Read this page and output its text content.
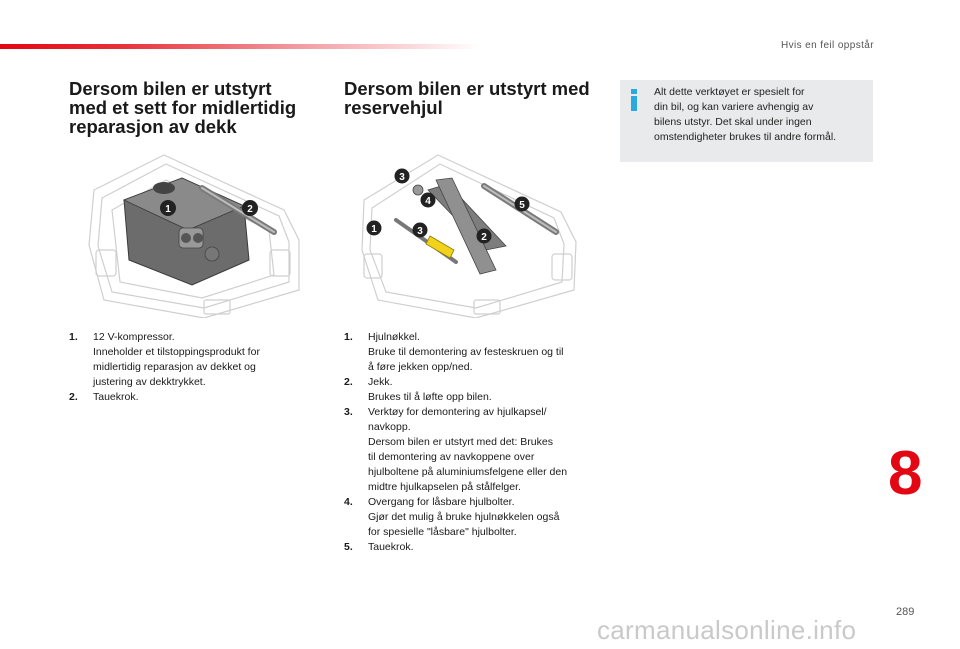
Hvis en feil oppstår
Dersom bilen er utstyrt
med et sett for midlertidig
reparasjon av dekk
Dersom bilen er utstyrt med
reservehjul
Alt dette verktøyet er spesielt for
din bil, og kan variere avhengig av
bilens utstyr. Det skal under ingen
omstendigheter brukes til andre formål.
1	2
3
4
1	3
2
5
1. 12 V-kompressor.
Inneholder et tilstoppingsprodukt for
midlertidig reparasjon av dekket og
justering av dekktrykket.
2. Tauekrok.
1. Hjulnøkkel.
Bruke til demontering av festeskruen og til
å føre jekken opp/ned.
2. Jekk.
Brukes til å løfte opp bilen.
3. Verktøy for demontering av hjulkapsel/
navkopp.
Dersom bilen er utstyrt med det: Brukes
til demontering av navkoppene over
hjulboltene på aluminiumsfelgene eller den
midtre hjulkapselen på stålfelger.
4. Overgang for låsbare hjulbolter.
Gjør det mulig å bruke hjulnøkkelen også
for spesielle "låsbare" hjulbolter.
5. Tauekrok.
8
289
carmanualsonline.info
